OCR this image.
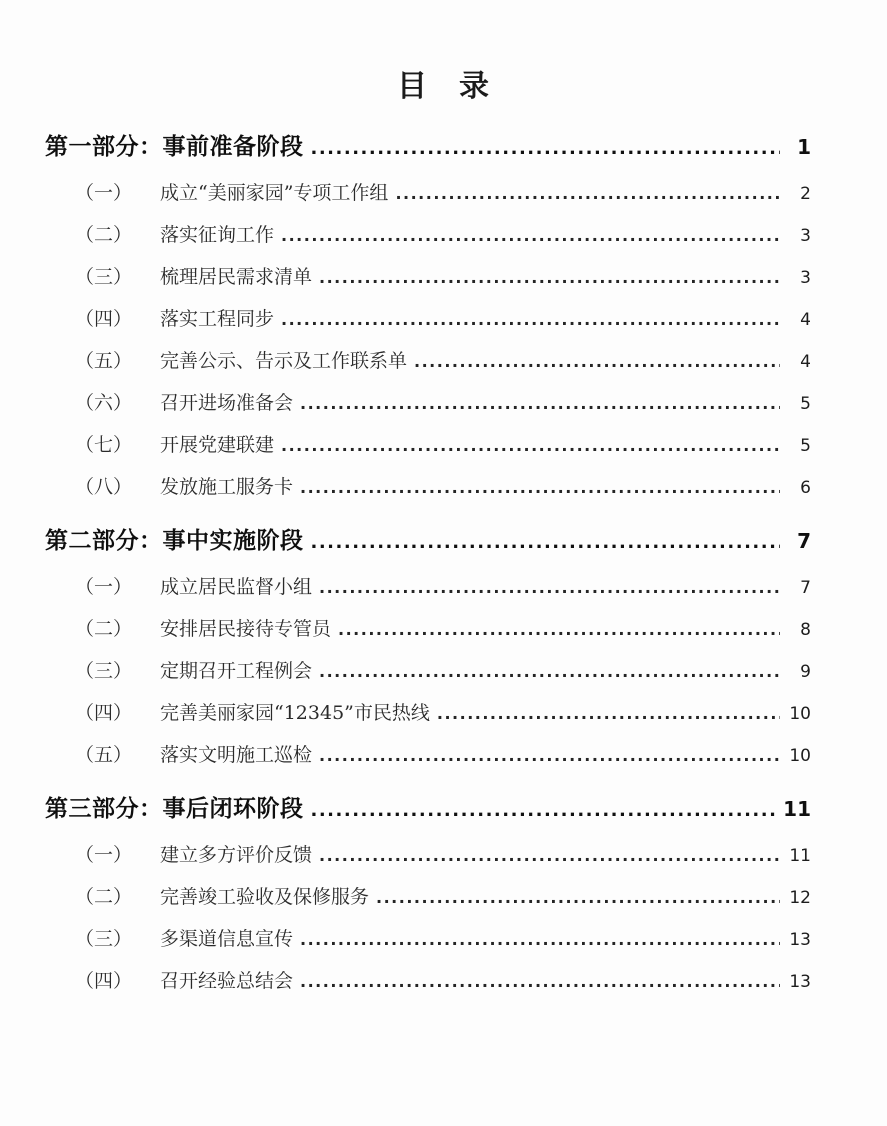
目　录
第一部分：事前准备阶段 .....	1
（一） 成立“美丽家园”专项工作组 .....	2
（二） 落实征询工作 .....	3
（三） 梳理居民需求清单 .....	3
（四） 落实工程同步 .....	4
（五） 完善公示、告示及工作联系单 .....	4
（六） 召开进场准备会 .....	5
（七） 开展党建联建 .....	5
（八） 发放施工服务卡 .....	6
第二部分：事中实施阶段 .....	7
（一） 成立居民监督小组 .....	7
（二） 安排居民接待专管员 .....	8
（三） 定期召开工程例会 .....	9
（四） 完善美丽家园“12345”市民热线 .....	10
（五） 落实文明施工巡检 .....	10
第三部分：事后闭环阶段 .....	11
（一） 建立多方评价反馈 .....	11
（二） 完善竣工验收及保修服务 .....	12
（三） 多渠道信息宣传 .....	13
（四） 召开经验总结会 .....	13
